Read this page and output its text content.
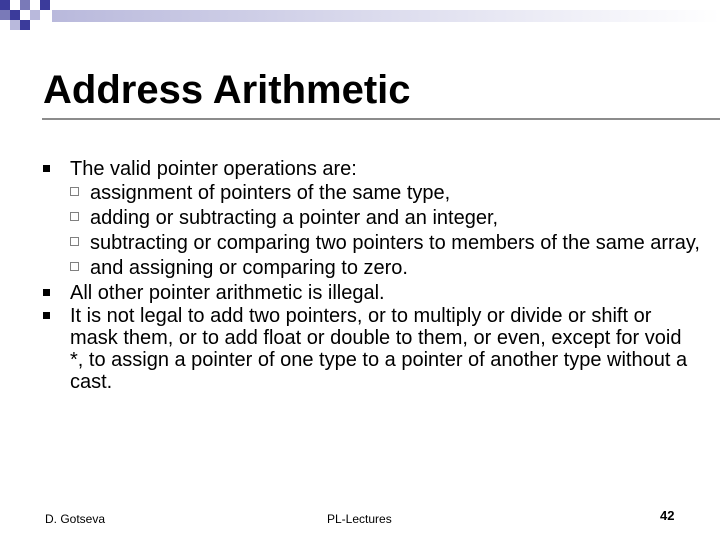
Address Arithmetic
The valid pointer operations are:
assignment of pointers of the same type,
adding or subtracting a pointer and an integer,
subtracting or comparing two pointers to members of the same array,
and assigning or comparing to zero.
All other pointer arithmetic is illegal.
It is not legal to add two pointers, or to multiply or divide or shift or mask them, or to add float or double to them, or even, except for void *, to assign a pointer of one type to a pointer of another type without a cast.
D. Gotseva	PL-Lectures	42
